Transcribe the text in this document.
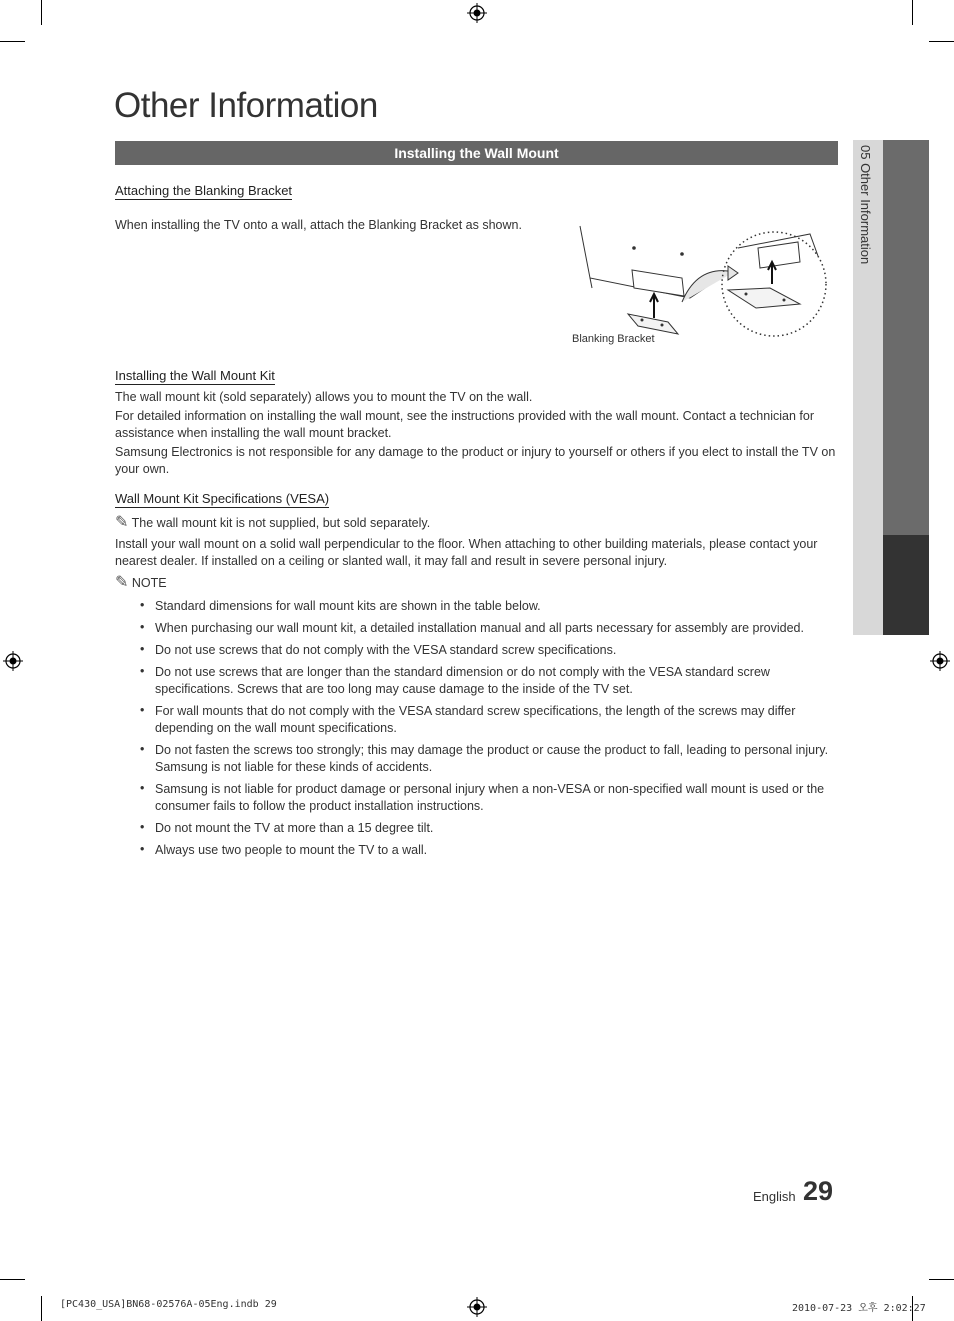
05 Other Information
Other Information
Installing the Wall Mount
Attaching the Blanking Bracket
When installing the TV onto a wall, attach the Blanking Bracket as shown.
Blanking Bracket
Installing the Wall Mount Kit
The wall mount kit (sold separately) allows you to mount the TV on the wall.
For detailed information on installing the wall mount, see the instructions provided with the wall mount. Contact a technician for assistance when installing the wall mount bracket.
Samsung Electronics is not responsible for any damage to the product or injury to yourself or others if you elect to install the TV on your own.
Wall Mount Kit Specifications (VESA)
✎ The wall mount kit is not supplied, but sold separately.
Install your wall mount on a solid wall perpendicular to the floor. When attaching to other building materials, please contact your nearest dealer. If installed on a ceiling or slanted wall, it may fall and result in severe personal injury.
✎ NOTE
• Standard dimensions for wall mount kits are shown in the table below.
• When purchasing our wall mount kit, a detailed installation manual and all parts necessary for assembly are provided.
• Do not use screws that do not comply with the VESA standard screw specifications.
• Do not use screws that are longer than the standard dimension or do not comply with the VESA standard screw specifications. Screws that are too long may cause damage to the inside of the TV set.
• For wall mounts that do not comply with the VESA standard screw specifications, the length of the screws may differ depending on the wall mount specifications.
• Do not fasten the screws too strongly; this may damage the product or cause the product to fall, leading to personal injury. Samsung is not liable for these kinds of accidents.
• Samsung is not liable for product damage or personal injury when a non-VESA or non-specified wall mount is used or the consumer fails to follow the product installation instructions.
• Do not mount the TV at more than a 15 degree tilt.
• Always use two people to mount the TV to a wall.
English 29
[PC430_USA]BN68-02576A-05Eng.indb 29	2010-07-23 오후 2:02:27
